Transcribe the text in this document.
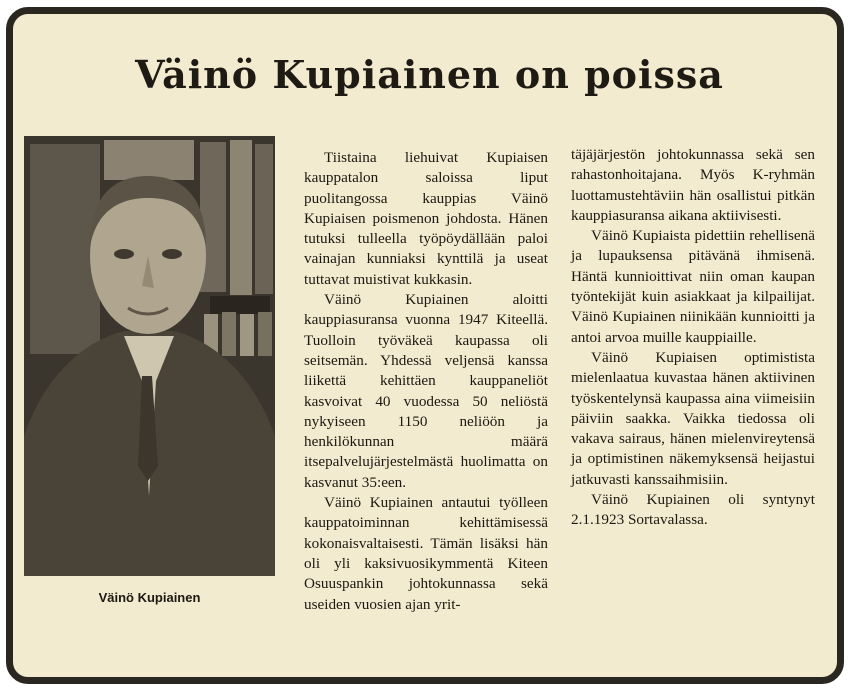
Väinö Kupiainen on poissa
Väinö Kupiainen

Tiistaina liehuivat Kupiaisen kauppatalon saloissa liput puolitangossa kauppias Väinö Kupiaisen poismenon johdosta. Hänen tutuksi tulleella työpöydällään paloi vainajan kunniaksi kynttilä ja useat tuttavat muistivat kukkasin.

Väinö Kupiainen aloitti kauppiasuransa vuonna 1947 Kiteellä. Tuolloin työväkeä kaupassa oli seitsemän. Yhdessä veljensä kanssa liikettä kehittäen kauppaneliöt kasvoivat 40 vuodessa 50 neliöstä nykyiseen 1150 neliöön ja henkilökunnan määrä itsepalvelujärjestelmästä huolimatta on kasvanut 35:een.

Väinö Kupiainen antautui työlleen kauppatoiminnan kehittämisessä kokonaisvaltaisesti. Tämän lisäksi hän oli yli kaksivuosikymmentä Kiteen Osuuspankin johtokunnassa sekä useiden vuosien ajan yrit-

täjäjärjestön johtokunnassa sekä sen rahastonhoitajana. Myös K-ryhmän luottamustehtäviin hän osallistui pitkän kauppiasuransa aikana aktiivisesti.

Väinö Kupiaista pidettiin rehellisenä ja lupauksensa pitävänä ihmisenä. Häntä kunnioittivat niin oman kaupan työntekijät kuin asiakkaat ja kilpailijat. Väinö Kupiainen niinikään kunnioitti ja antoi arvoa muille kauppiaille.

Väinö Kupiaisen optimistista mielenlaatua kuvastaa hänen aktiivinen työskentelynsä kaupassa aina viimeisiin päiviin saakka. Vaikka tiedossa oli vakava sairaus, hänen mielenvireytensä ja optimistinen näkemyksensä heijastui jatkuvasti kanssaihmisiin.

Väinö Kupiainen oli syntynyt 2.1.1923 Sortavalassa.
